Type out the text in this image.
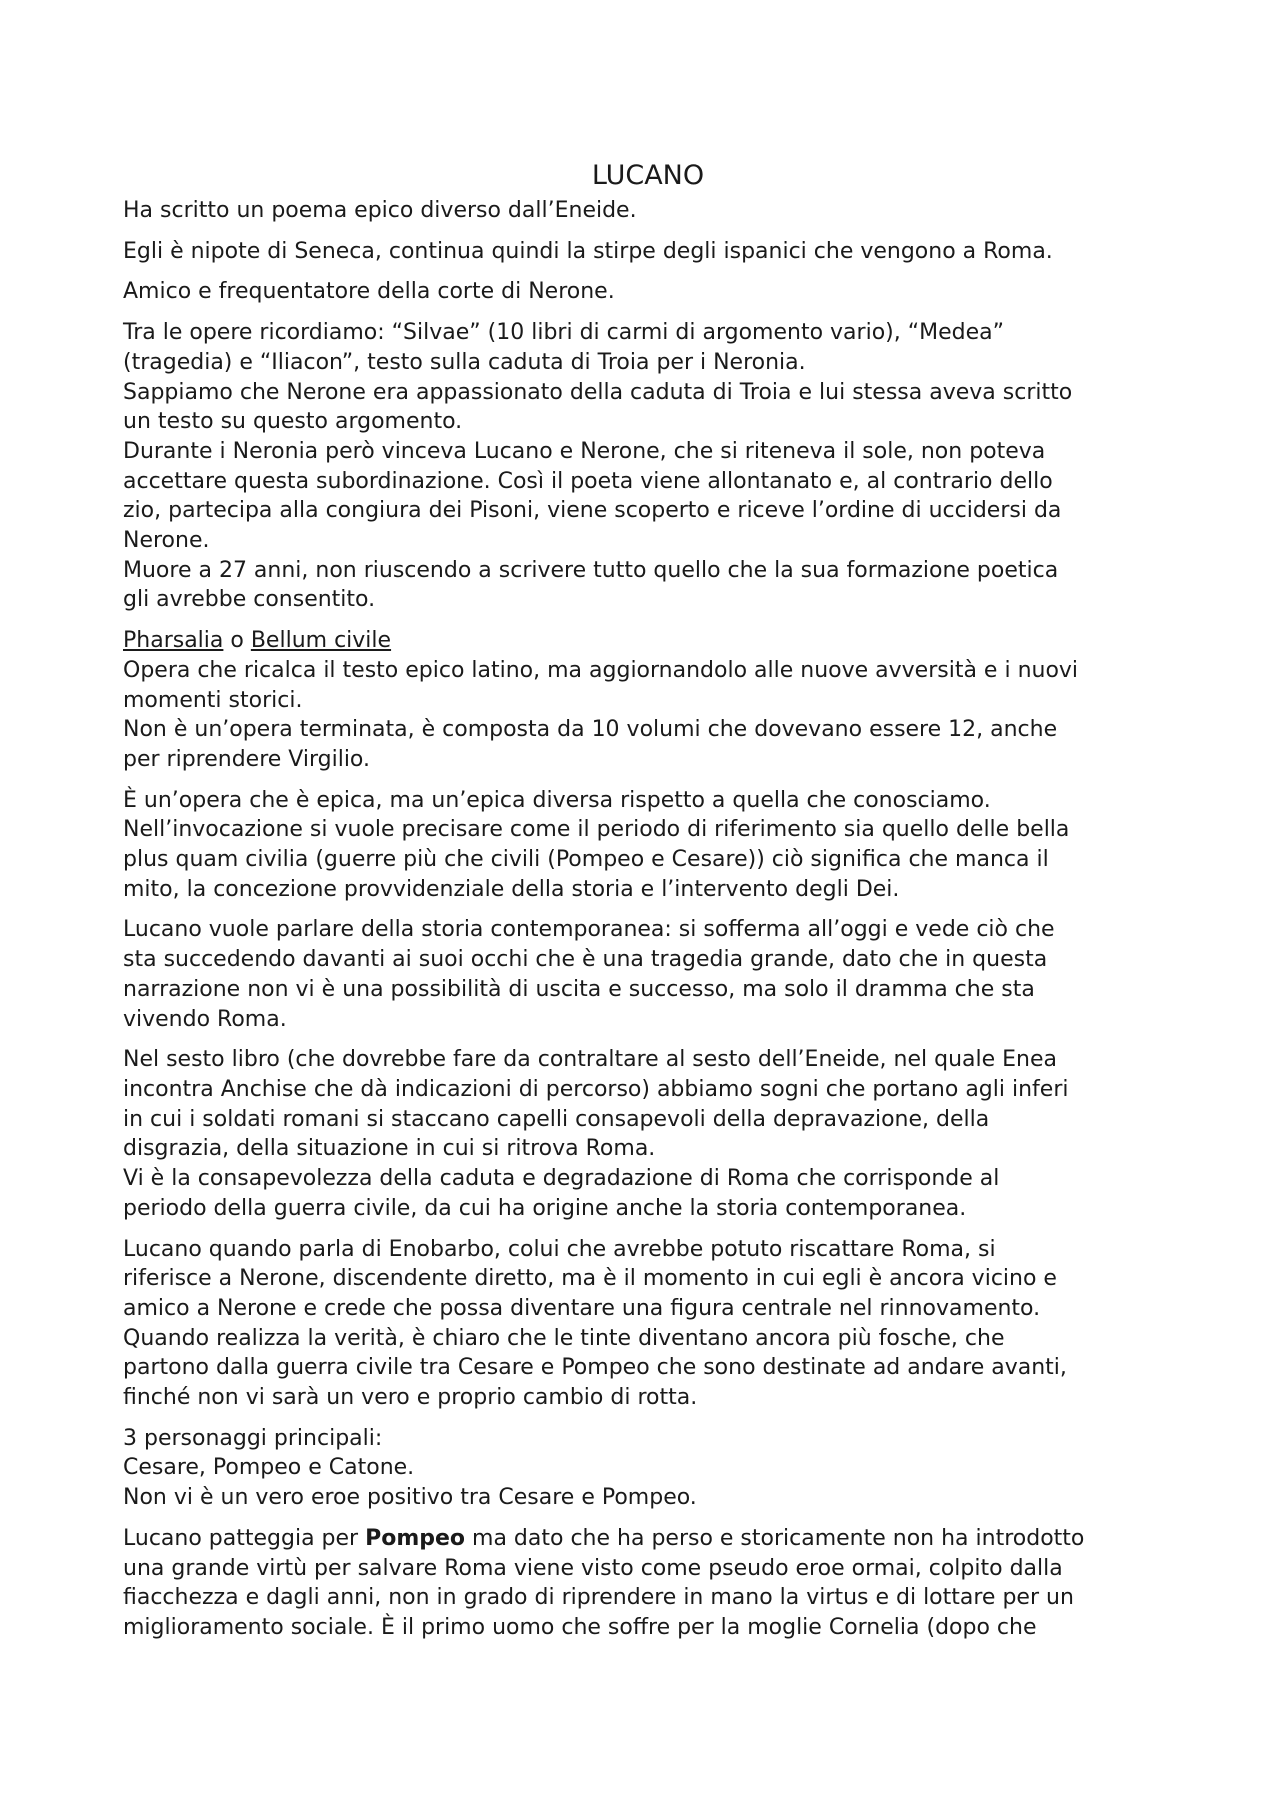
LUCANO

Ha scritto un poema epico diverso dall’Eneide.

Egli è nipote di Seneca, continua quindi la stirpe degli ispanici che vengono a Roma.

Amico e frequentatore della corte di Nerone.

Tra le opere ricordiamo: “Silvae” (10 libri di carmi di argomento vario), “Medea”

(tragedia) e “Iliacon”, testo sulla caduta di Troia per i Neronia.

Sappiamo che Nerone era appassionato della caduta di Troia e lui stessa aveva scritto

un testo su questo argomento.

Durante i Neronia però vinceva Lucano e Nerone, che si riteneva il sole, non poteva

accettare questa subordinazione. Così il poeta viene allontanato e, al contrario dello

zio, partecipa alla congiura dei Pisoni, viene scoperto e riceve l’ordine di uccidersi da

Nerone.

Muore a 27 anni, non riuscendo a scrivere tutto quello che la sua formazione poetica

gli avrebbe consentito.

Pharsalia o Bellum civile

Opera che ricalca il testo epico latino, ma aggiornandolo alle nuove avversità e i nuovi

momenti storici.

Non è un’opera terminata, è composta da 10 volumi che dovevano essere 12, anche

per riprendere Virgilio.

È un’opera che è epica, ma un’epica diversa rispetto a quella che conosciamo.

Nell’invocazione si vuole precisare come il periodo di riferimento sia quello delle bella

plus quam civilia (guerre più che civili (Pompeo e Cesare)) ciò significa che manca il

mito, la concezione provvidenziale della storia e l’intervento degli Dei.

Lucano vuole parlare della storia contemporanea: si sofferma all’oggi e vede ciò che

sta succedendo davanti ai suoi occhi che è una tragedia grande, dato che in questa

narrazione non vi è una possibilità di uscita e successo, ma solo il dramma che sta

vivendo Roma.

Nel sesto libro (che dovrebbe fare da contraltare al sesto dell’Eneide, nel quale Enea

incontra Anchise che dà indicazioni di percorso) abbiamo sogni che portano agli inferi

in cui i soldati romani si staccano capelli consapevoli della depravazione, della

disgrazia, della situazione in cui si ritrova Roma.

Vi è la consapevolezza della caduta e degradazione di Roma che corrisponde al

periodo della guerra civile, da cui ha origine anche la storia contemporanea.

Lucano quando parla di Enobarbo, colui che avrebbe potuto riscattare Roma, si

riferisce a Nerone, discendente diretto, ma è il momento in cui egli è ancora vicino e

amico a Nerone e crede che possa diventare una figura centrale nel rinnovamento.

Quando realizza la verità, è chiaro che le tinte diventano ancora più fosche, che

partono dalla guerra civile tra Cesare e Pompeo che sono destinate ad andare avanti,

finché non vi sarà un vero e proprio cambio di rotta.

3 personaggi principali:

Cesare, Pompeo e Catone.

Non vi è un vero eroe positivo tra Cesare e Pompeo.

Lucano patteggia per Pompeo ma dato che ha perso e storicamente non ha introdotto

una grande virtù per salvare Roma viene visto come pseudo eroe ormai, colpito dalla

fiacchezza e dagli anni, non in grado di riprendere in mano la virtus e di lottare per un

miglioramento sociale. È il primo uomo che soffre per la moglie Cornelia (dopo che
